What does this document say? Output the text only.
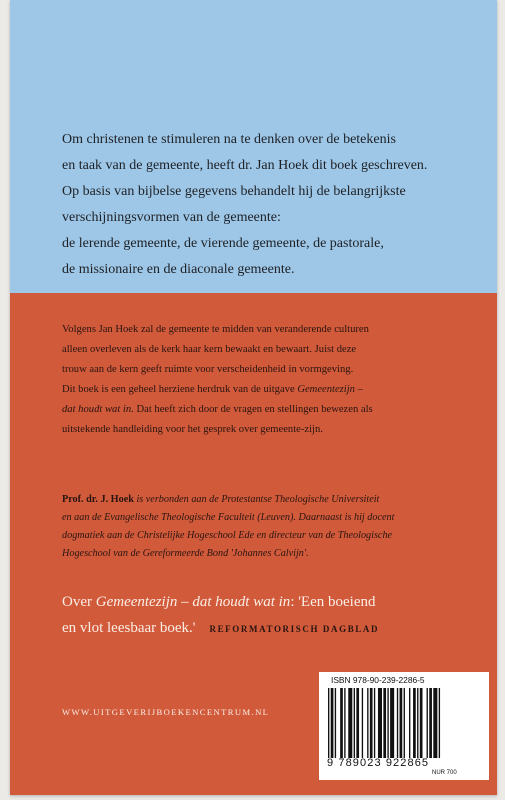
Om christenen te stimuleren na te denken over de betekenis
en taak van de gemeente, heeft dr. Jan Hoek dit boek geschreven.
Op basis van bijbelse gegevens behandelt hij de belangrijkste
verschijningsvormen van de gemeente:
de lerende gemeente, de vierende gemeente, de pastorale,
de missionaire en de diaconale gemeente.
Volgens Jan Hoek zal de gemeente te midden van veranderende culturen
alleen overleven als de kerk haar kern bewaakt en bewaart. Juist deze
trouw aan de kern geeft ruimte voor verscheidenheid in vormgeving.
Dit boek is een geheel herziene herdruk van de uitgave Gemeentezijn –
dat houdt wat in. Dat heeft zich door de vragen en stellingen bewezen als
uitstekende handleiding voor het gesprek over gemeente-zijn.
Prof. dr. J. Hoek is verbonden aan de Protestantse Theologische Universiteit
en aan de Evangelische Theologische Faculteit (Leuven). Daarnaast is hij docent
dogmatiek aan de Christelijke Hogeschool Ede en directeur van de Theologische
Hogeschool van de Gereformeerde Bond 'Johannes Calvijn'.
Over Gemeentezijn – dat houdt wat in: 'Een boeiend
en vlot leesbaar boek.' REFORMATORISCH DAGBLAD
WWW.UITGEVERIJBOEKENCENTRUM.NL
ISBN 978-90-239-2286-5
9 789023 922865
NUR 700
